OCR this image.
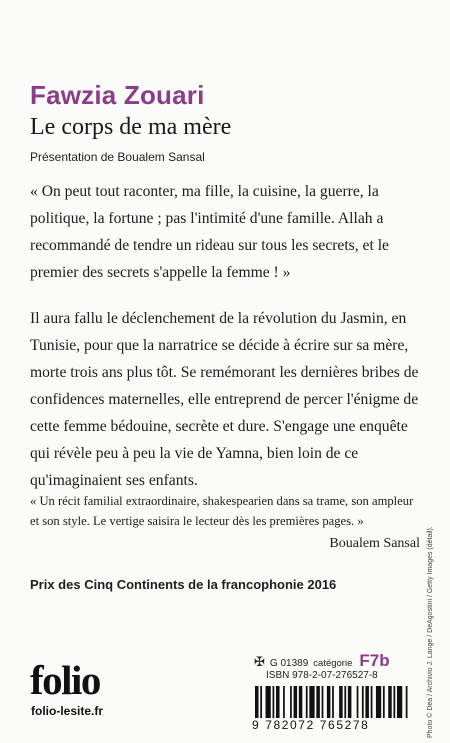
Fawzia Zouari
Le corps de ma mère
Présentation de Boualem Sansal

« On peut tout raconter, ma fille, la cuisine, la guerre, la politique, la fortune ; pas l'intimité d'une famille. Allah a recommandé de tendre un rideau sur tous les secrets, et le premier des secrets s'appelle la femme ! »

Il aura fallu le déclenchement de la révolution du Jasmin, en Tunisie, pour que la narratrice se décide à écrire sur sa mère, morte trois ans plus tôt. Se remémorant les dernières bribes de confidences maternelles, elle entreprend de percer l'énigme de cette femme bédouine, secrète et dure. S'engage une enquête qui révèle peu à peu la vie de Yamna, bien loin de ce qu'imaginaient ses enfants.

« Un récit familial extraordinaire, shakespearien dans sa trame, son ampleur et son style. Le vertige saisira le lecteur dès les premières pages. »

Boualem Sansal
Prix des Cinq Continents de la francophonie 2016
folio
folio-lesite.fr
✠ G 01389 catégorie F7b
ISBN 978-2-07-276527-8
9 782072 765278	Photo © Dea / Archivio J. Lange / DeAgostini / Getty Images (détail).
